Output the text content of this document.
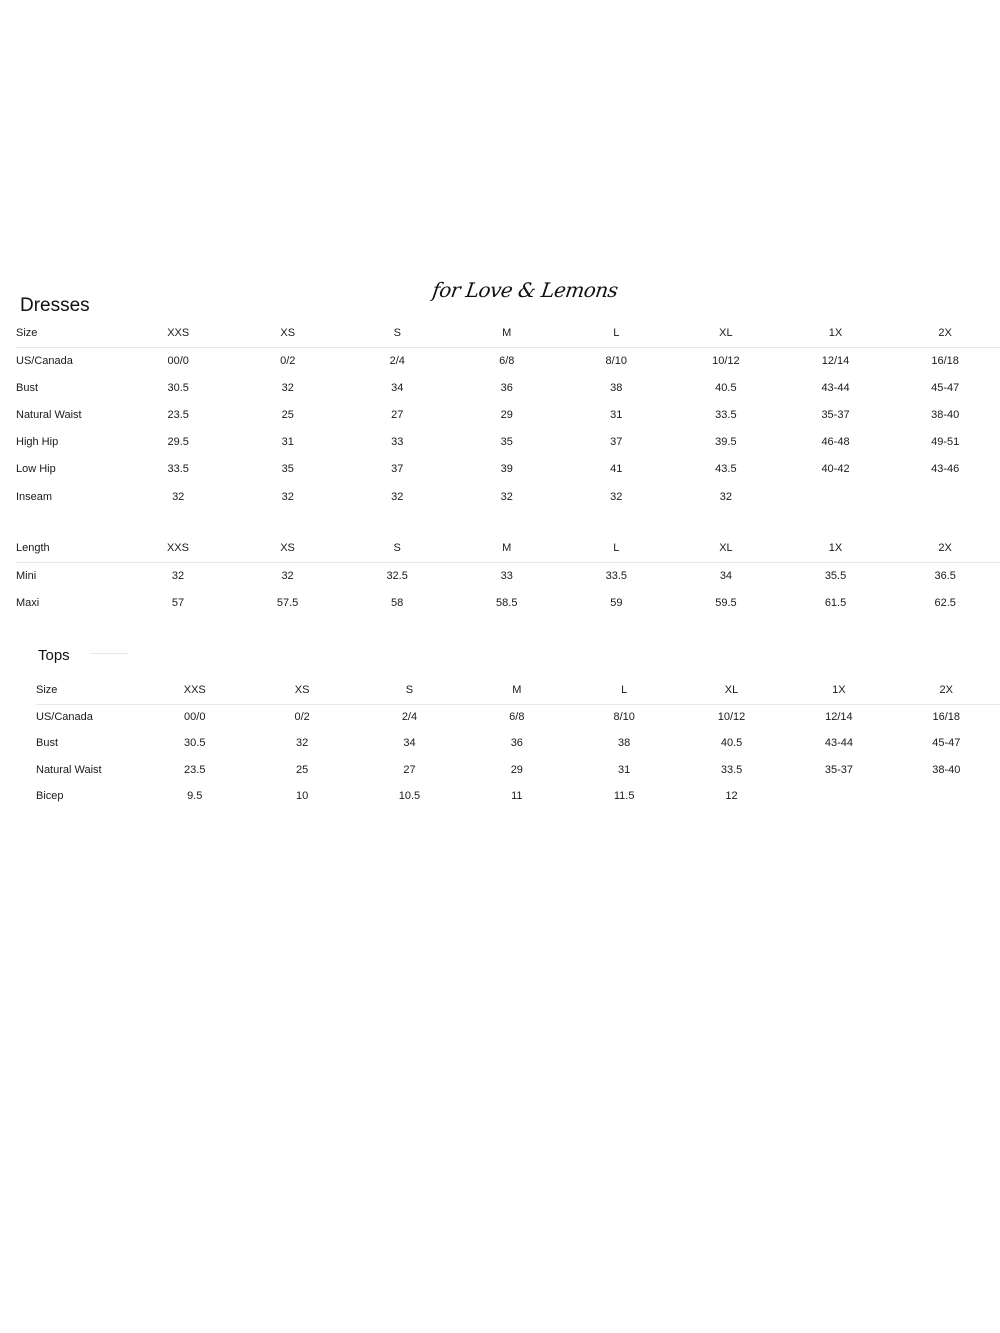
for Love & Lemons
Dresses
Size	XXS	XS	S	M	L	XL	1X	2X
US/Canada	00/0	0/2	2/4	6/8	8/10	10/12	12/14	16/18
Bust	30.5	32	34	36	38	40.5	43-44	45-47
Natural Waist	23.5	25	27	29	31	33.5	35-37	38-40
High Hip	29.5	31	33	35	37	39.5	46-48	49-51
Low Hip	33.5	35	37	39	41	43.5	40-42	43-46
Inseam	32	32	32	32	32	32		
Length	XXS	XS	S	M	L	XL	1X	2X
Mini	32	32	32.5	33	33.5	34	35.5	36.5
Maxi	57	57.5	58	58.5	59	59.5	61.5	62.5
Tops
Size	XXS	XS	S	M	L	XL	1X	2X
US/Canada	00/0	0/2	2/4	6/8	8/10	10/12	12/14	16/18
Bust	30.5	32	34	36	38	40.5	43-44	45-47
Natural Waist	23.5	25	27	29	31	33.5	35-37	38-40
Bicep	9.5	10	10.5	11	11.5	12		
